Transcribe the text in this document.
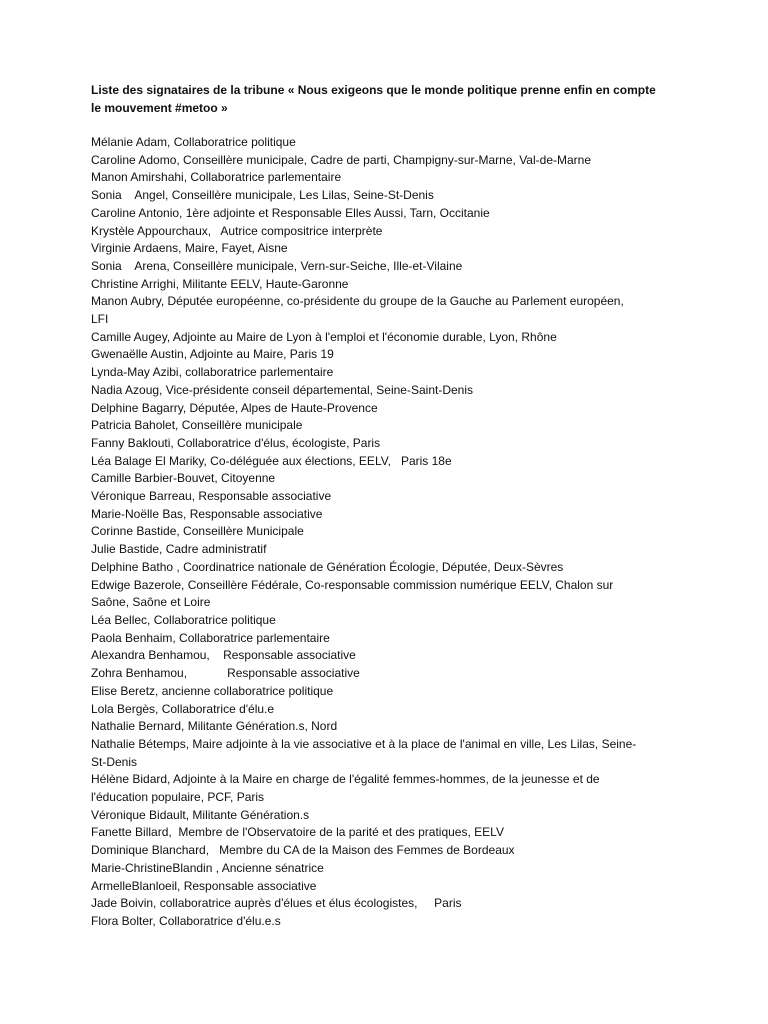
Liste des signataires de la tribune « Nous exigeons que le monde politique prenne enfin en compte
le mouvement #metoo »

Mélanie Adam, Collaboratrice politique
Caroline Adomo, Conseillère municipale, Cadre de parti, Champigny-sur-Marne, Val-de-Marne
Manon Amirshahi, Collaboratrice parlementaire
Sonia    Angel, Conseillère municipale, Les Lilas, Seine-St-Denis
Caroline Antonio, 1ère adjointe et Responsable Elles Aussi, Tarn, Occitanie
Krystèle Appourchaux,   Autrice compositrice interprète
Virginie Ardaens, Maire, Fayet, Aisne
Sonia    Arena, Conseillère municipale, Vern-sur-Seiche, Ille-et-Vilaine
Christine Arrighi, Militante EELV, Haute-Garonne
Manon Aubry, Députée européenne, co-présidente du groupe de la Gauche au Parlement européen,
LFI
Camille Augey, Adjointe au Maire de Lyon à l'emploi et l'économie durable, Lyon, Rhône
Gwenaëlle Austin, Adjointe au Maire, Paris 19
Lynda-May Azibi, collaboratrice parlementaire
Nadia Azoug, Vice-présidente conseil départemental, Seine-Saint-Denis
Delphine Bagarry, Députée, Alpes de Haute-Provence
Patricia Baholet, Conseillère municipale
Fanny Baklouti, Collaboratrice d'élus, écologiste, Paris
Léa Balage El Mariky, Co-déléguée aux élections, EELV,   Paris 18e
Camille Barbier-Bouvet, Citoyenne
Véronique Barreau, Responsable associative
Marie-Noëlle Bas, Responsable associative
Corinne Bastide, Conseillère Municipale
Julie Bastide, Cadre administratif
Delphine Batho , Coordinatrice nationale de Génération Écologie, Députée, Deux-Sèvres
Edwige Bazerole, Conseillère Fédérale, Co-responsable commission numérique EELV, Chalon sur
Saône, Saône et Loire
Léa Bellec, Collaboratrice politique
Paola Benhaim, Collaboratrice parlementaire
Alexandra Benhamou,    Responsable associative
Zohra Benhamou,            Responsable associative
Elise Beretz, ancienne collaboratrice politique
Lola Bergès, Collaboratrice d'élu.e
Nathalie Bernard, Militante Génération.s, Nord
Nathalie Bétemps, Maire adjointe à la vie associative et à la place de l'animal en ville, Les Lilas, Seine-
St-Denis
Hélène Bidard, Adjointe à la Maire en charge de l'égalité femmes-hommes, de la jeunesse et de
l'éducation populaire, PCF, Paris
Véronique Bidault, Militante Génération.s
Fanette Billard,  Membre de l'Observatoire de la parité et des pratiques, EELV
Dominique Blanchard,   Membre du CA de la Maison des Femmes de Bordeaux
Marie-ChristineBlandin , Ancienne sénatrice
ArmelleBlanloeil, Responsable associative
Jade Boivin, collaboratrice auprès d'élues et élus écologistes,     Paris
Flora Bolter, Collaboratrice d'élu.e.s
